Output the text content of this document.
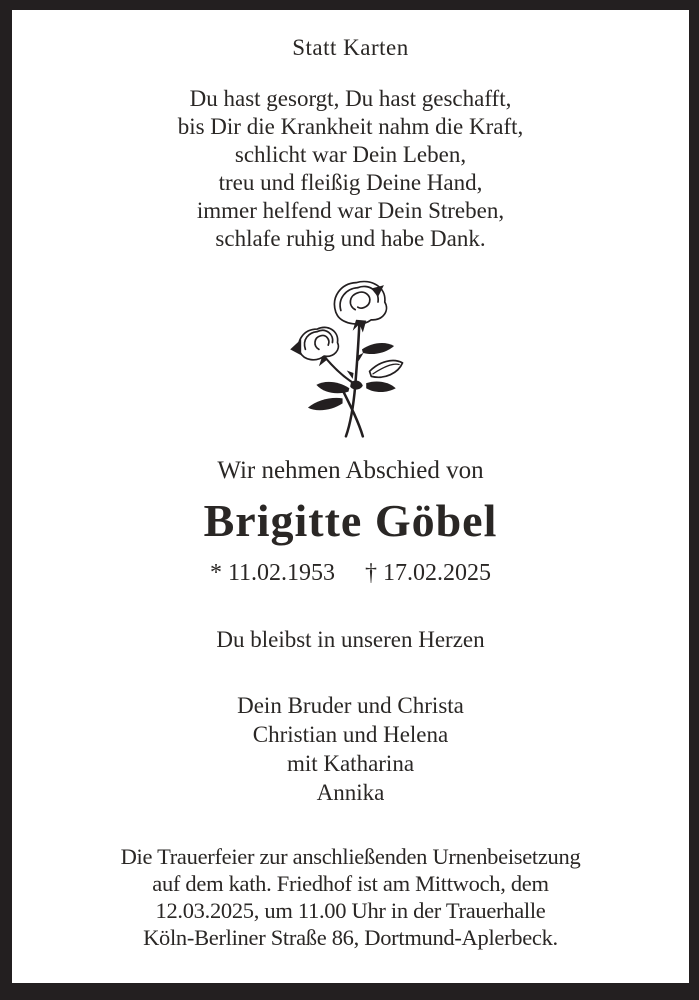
Statt Karten
Du hast gesorgt, Du hast geschafft,
bis Dir die Krankheit nahm die Kraft,
schlicht war Dein Leben,
treu und fleißig Deine Hand,
immer helfend war Dein Streben,
schlafe ruhig und habe Dank.
Wir nehmen Abschied von
Brigitte Göbel
* 11.02.1953 † 17.02.2025
Du bleibst in unseren Herzen
Dein Bruder und Christa
Christian und Helena
mit Katharina
Annika
Die Trauerfeier zur anschließenden Urnenbeisetzung
auf dem kath. Friedhof ist am Mittwoch, dem
12.03.2025, um 11.00 Uhr in der Trauerhalle
Köln-Berliner Straße 86, Dortmund-Aplerbeck.
